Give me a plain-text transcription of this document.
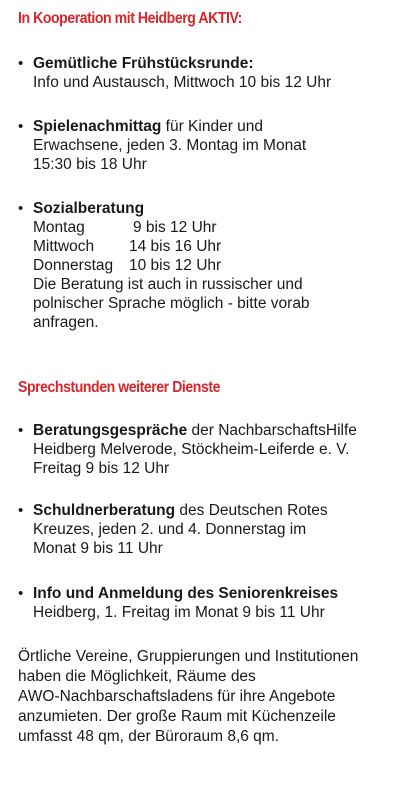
In Kooperation mit Heidberg AKTIV:
• Gemütliche Frühstücksrunde:
Info und Austausch, Mittwoch 10 bis 12 Uhr
• Spielenachmittag für Kinder und
Erwachsene, jeden 3. Montag im Monat
15:30 bis 18 Uhr
• Sozialberatung
Montag	9 bis 12 Uhr
Mittwoch	14 bis 16 Uhr
Donnerstag	10 bis 12 Uhr
Die Beratung ist auch in russischer und
polnischer Sprache möglich - bitte vorab
anfragen.
Sprechstunden weiterer Dienste
• Beratungsgespräche der NachbarschaftsHilfe
Heidberg Melverode, Stöckheim-Leiferde e. V.
Freitag 9 bis 12 Uhr
• Schuldnerberatung des Deutschen Rotes
Kreuzes, jeden 2. und 4. Donnerstag im
Monat 9 bis 11 Uhr
• Info und Anmeldung des Seniorenkreises
Heidberg, 1. Freitag im Monat 9 bis 11 Uhr
Örtliche Vereine, Gruppierungen und Institutionen
haben die Möglichkeit, Räume des
AWO-Nachbarschaftsladens für ihre Angebote
anzumieten. Der große Raum mit Küchenzeile
umfasst 48 qm, der Büroraum 8,6 qm.
